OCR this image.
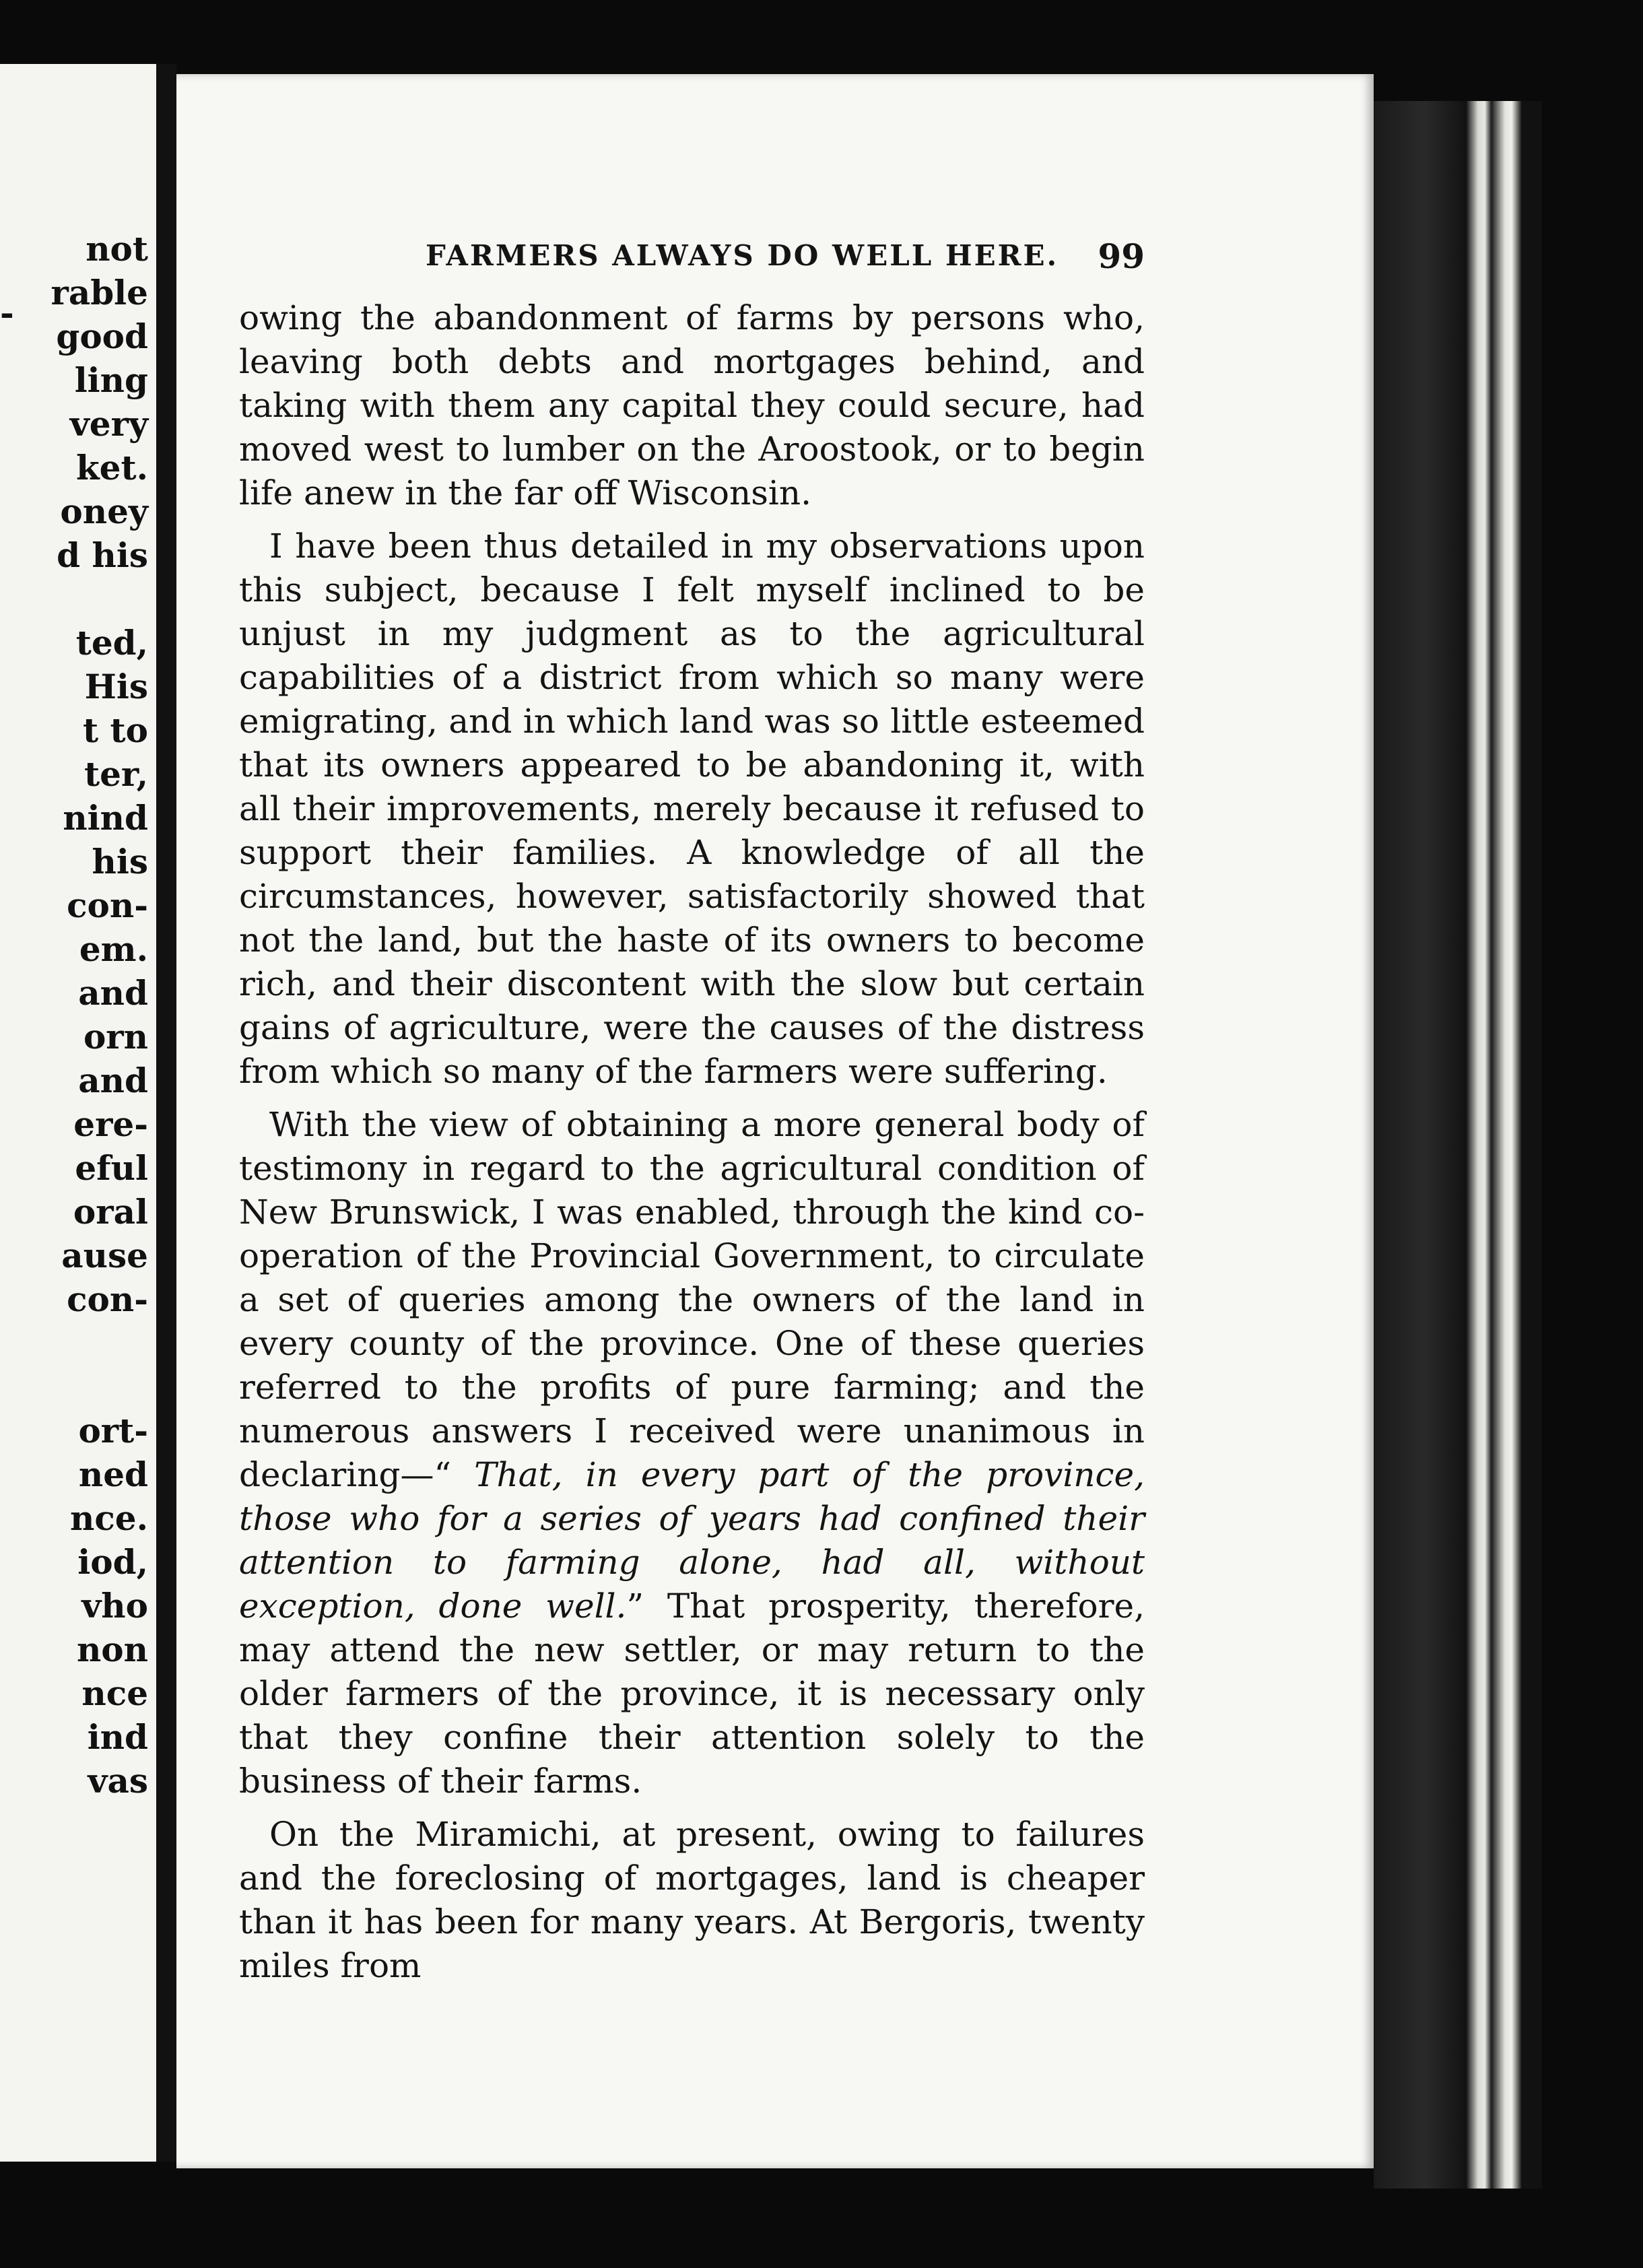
-
not
rable
good
ling
very
ket.
oney
d his
ted,
His
t to
ter,
nind
his
con-
em.
and
orn
and
ere-
eful
oral
ause
con-
ort-
ned
nce.
iod,
vho
non
nce
ind
vas
FARMERS ALWAYS DO WELL HERE. 99

owing the abandonment of farms by persons who, leaving both debts and mortgages behind, and taking with them any capital they could secure, had moved west to lumber on the Aroostook, or to begin life anew in the far off Wisconsin.

I have been thus detailed in my observations upon this subject, because I felt myself inclined to be unjust in my judgment as to the agricultural capabilities of a district from which so many were emigrating, and in which land was so little esteemed that its owners appeared to be abandoning it, with all their improvements, merely because it refused to support their families. A knowledge of all the circumstances, however, satisfactorily showed that not the land, but the haste of its owners to become rich, and their discontent with the slow but certain gains of agriculture, were the causes of the distress from which so many of the farmers were suffering.

With the view of obtaining a more general body of testimony in regard to the agricultural condition of New Brunswick, I was enabled, through the kind co-operation of the Provincial Government, to circulate a set of queries among the owners of the land in every county of the province. One of these queries referred to the profits of pure farming; and the numerous answers I received were unanimous in declaring—“ That, in every part of the province, those who for a series of years had confined their attention to farming alone, had all, without exception, done well.” That prosperity, therefore, may attend the new settler, or may return to the older farmers of the province, it is necessary only that they confine their attention solely to the business of their farms.

On the Miramichi, at present, owing to failures and the foreclosing of mortgages, land is cheaper than it has been for many years. At Bergoris, twenty miles from
